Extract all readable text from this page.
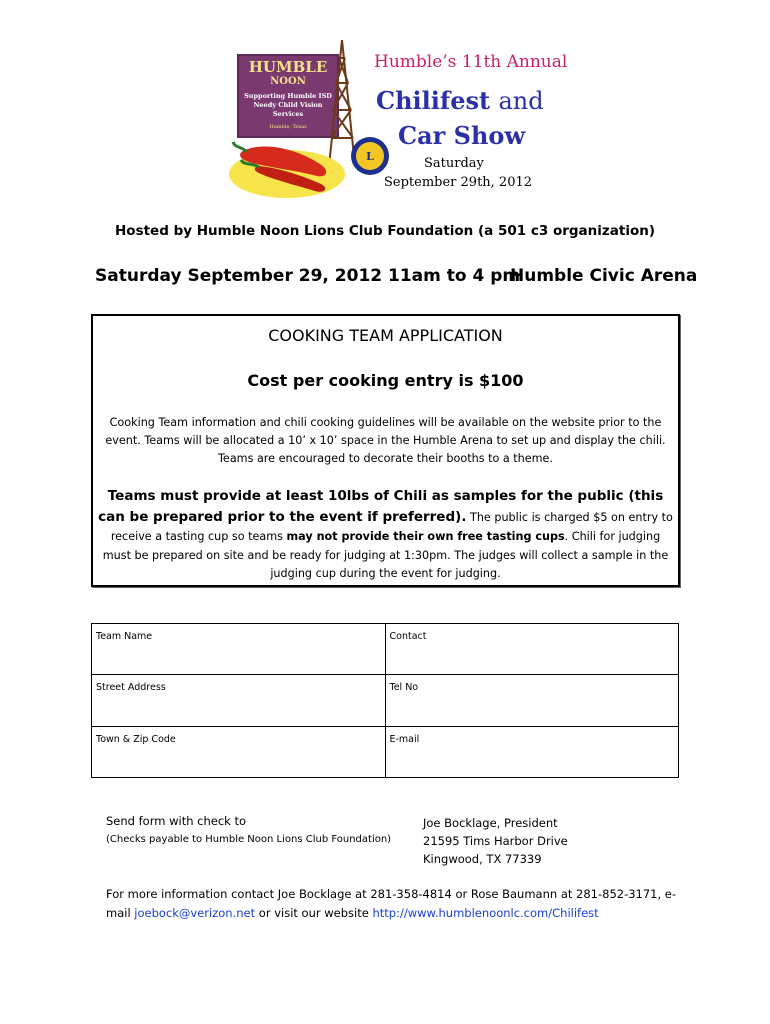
HUMBLE
NOON
Supporting Humble ISD
Needy Child Vision Services
Humble, Texas
L
Humble’s 11th Annual
Chilifest and
Car Show
Saturday
September 29th, 2012
Hosted by Humble Noon Lions Club Foundation (a 501 c3 organization)
Saturday September 29, 2012 11am to 4 pm
Humble Civic Arena
COOKING TEAM APPLICATION
Cost per cooking entry is $100
Cooking Team information and chili cooking guidelines will be available on the website prior to the event. Teams will be allocated a 10’ x 10’ space in the Humble Arena to set up and display the chili. Teams are encouraged to decorate their booths to a theme.
Teams must provide at least 10lbs of Chili as samples for the public (this can be prepared prior to the event if preferred). The public is charged $5 on entry to receive a tasting cup so teams may not provide their own free tasting cups. Chili for judging must be prepared on site and be ready for judging at 1:30pm. The judges will collect a sample in the judging cup during the event for judging.
Team Name	Contact
Street Address	Tel No
Town & Zip Code	E-mail
Send form with check to
(Checks payable to Humble Noon Lions Club Foundation)
Joe Bocklage, President
21595 Tims Harbor Drive
Kingwood, TX 77339
For more information contact Joe Bocklage at 281-358-4814 or Rose Baumann at 281-852-3171, e-mail joebock@verizon.net or visit our website http://www.humblenoonlc.com/Chilifest
